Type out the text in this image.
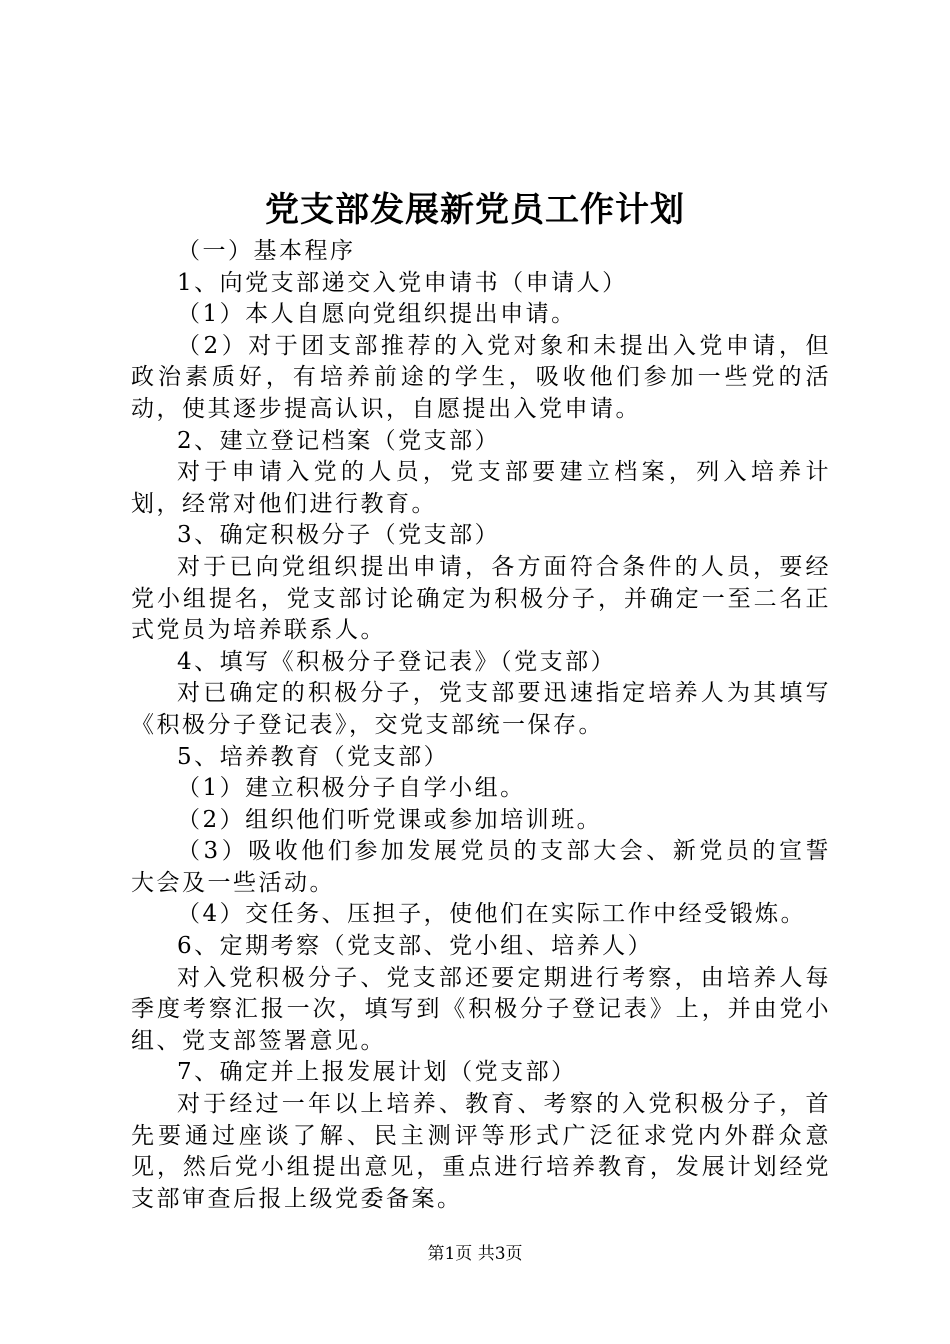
党支部发展新党员工作计划

（一）基本程序

1、向党支部递交入党申请书（申请人）

（1）本人自愿向党组织提出申请。

（2）对于团支部推荐的入党对象和未提出入党申请，但政治素质好，有培养前途的学生，吸收他们参加一些党的活动，使其逐步提高认识，自愿提出入党申请。

2、建立登记档案（党支部）

对于申请入党的人员，党支部要建立档案，列入培养计划，经常对他们进行教育。

3、确定积极分子（党支部）

对于已向党组织提出申请，各方面符合条件的人员，要经党小组提名，党支部讨论确定为积极分子，并确定一至二名正式党员为培养联系人。

4、填写《积极分子登记表》（党支部）

对已确定的积极分子，党支部要迅速指定培养人为其填写《积极分子登记表》，交党支部统一保存。

5、培养教育（党支部）

（1）建立积极分子自学小组。

（2）组织他们听党课或参加培训班。

（3）吸收他们参加发展党员的支部大会、新党员的宣誓大会及一些活动。

（4）交任务、压担子，使他们在实际工作中经受锻炼。

6、定期考察（党支部、党小组、培养人）

对入党积极分子、党支部还要定期进行考察，由培养人每季度考察汇报一次，填写到《积极分子登记表》上，并由党小组、党支部签署意见。

7、确定并上报发展计划（党支部）

对于经过一年以上培养、教育、考察的入党积极分子，首先要通过座谈了解、民主测评等形式广泛征求党内外群众意见，然后党小组提出意见，重点进行培养教育，发展计划经党支部审查后报上级党委备案。

第1页 共3页
